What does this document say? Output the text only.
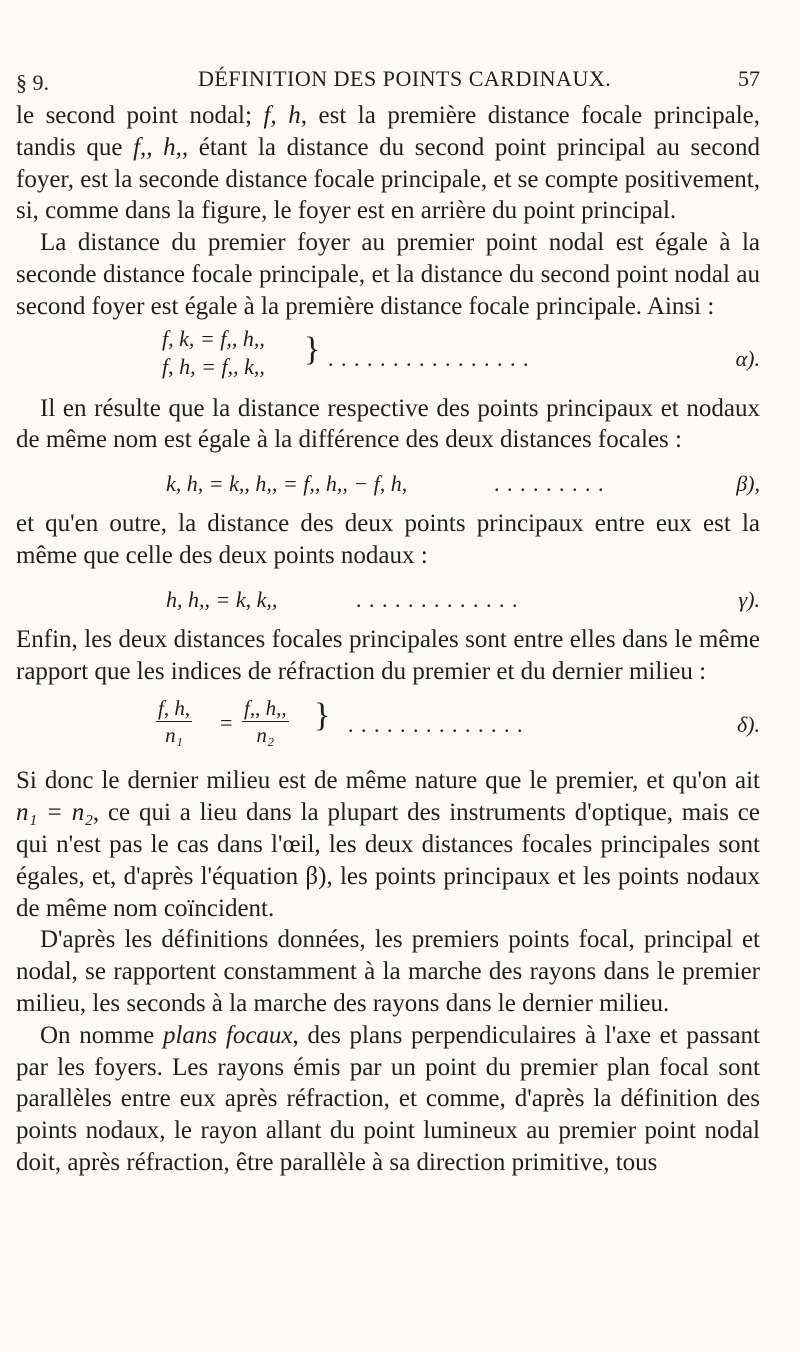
§ 9.	DÉFINITION DES POINTS CARDINAUX.	57

le second point nodal; f, h, est la première distance focale principale, tandis que f,, h,, étant la distance du second point principal au second foyer, est la seconde distance focale principale, et se compte positivement, si, comme dans la figure, le foyer est en arrière du point principal.

La distance du premier foyer au premier point nodal est égale à la seconde distance focale principale, et la distance du second point nodal au second foyer est égale à la première distance focale principale. Ainsi :

f, k, = f,, h,,
f, h, = f,, k,, } . . . . . . . . . . . . . . . .	α).

Il en résulte que la distance respective des points principaux et nodaux de même nom est égale à la différence des deux distances focales :

k, h, = k,, h,, = f,, h,, − f, h,	. . . . . . . . .	β),

et qu'en outre, la distance des deux points principaux entre eux est la même que celle des deux points nodaux :

h, h,, = k, k,,	. . . . . . . . . . . . .	γ).

Enfin, les deux distances focales principales sont entre elles dans le même rapport que les indices de réfraction du premier et du dernier milieu :

$\frac{f, h,}{\text{n₁}} = \frac{f,, h,,}{\text{n₂}}$ } . . . . . . . . . . . . . .	δ).

Si donc le dernier milieu est de même nature que le premier, et qu'on ait n₁ = n₂, ce qui a lieu dans la plupart des instruments d'optique, mais ce qui n'est pas le cas dans l'œil, les deux distances focales principales sont égales, et, d'après l'équation β), les points principaux et les points nodaux de même nom coïncident.

D'après les définitions données, les premiers points focal, principal et nodal, se rapportent constamment à la marche des rayons dans le premier milieu, les seconds à la marche des rayons dans le dernier milieu.

On nomme plans focaux, des plans perpendiculaires à l'axe et passant par les foyers. Les rayons émis par un point du premier plan focal sont parallèles entre eux après réfraction, et comme, d'après la définition des points nodaux, le rayon allant du point lumineux au premier point nodal doit, après réfraction, être parallèle à sa direction primitive, tous
